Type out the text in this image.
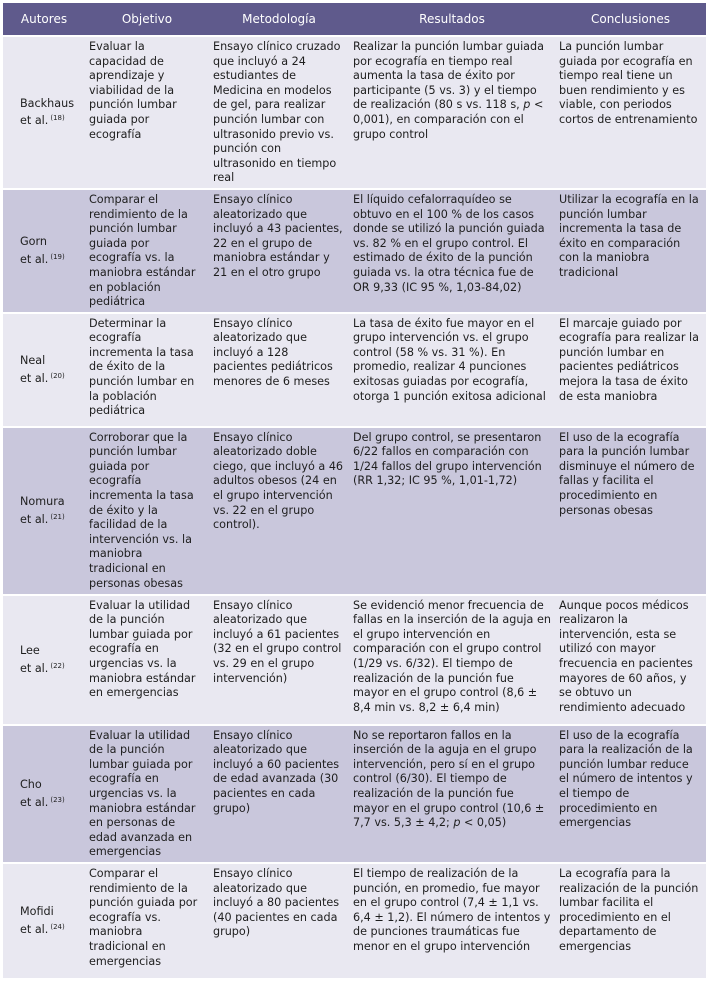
Autores	Objetivo	Metodología	Resultados	Conclusiones

Backhaus
et al. $^{(18)}$	Evaluar la capacidad de aprendizaje y viabilidad de la punción lumbar guiada por ecografía	Ensayo clínico cruzado que incluyó a 24 estudiantes de Medicina en modelos de gel, para realizar punción lumbar con ultrasonido previo vs. punción con ultrasonido en tiempo real	Realizar la punción lumbar guiada por ecografía en tiempo real aumenta la tasa de éxito por participante (5 vs. 3) y el tiempo de realización (80 s vs. 118 s, p < 0,001), en comparación con el grupo control	La punción lumbar guiada por ecografía en tiempo real tiene un buen rendimiento y es viable, con periodos cortos de entrenamiento

Gorn
et al. $^{(19)}$	Comparar el rendimiento de la punción lumbar guiada por ecografía vs. la maniobra estándar en población pediátrica	Ensayo clínico aleatorizado que incluyó a 43 pacientes, 22 en el grupo de maniobra estándar y 21 en el otro grupo	El líquido cefalorraquídeo se obtuvo en el 100 % de los casos donde se utilizó la punción guiada vs. 82 % en el grupo control. El estimado de éxito de la punción guiada vs. la otra técnica fue de OR 9,33 (IC 95 %, 1,03-84,02)	Utilizar la ecografía en la punción lumbar incrementa la tasa de éxito en comparación con la maniobra tradicional

Neal
et al. $^{(20)}$	Determinar la ecografía incrementa la tasa de éxito de la punción lumbar en la población pediátrica	Ensayo clínico aleatorizado que incluyó a 128 pacientes pediátricos menores de 6 meses	La tasa de éxito fue mayor en el grupo intervención vs. el grupo control (58 % vs. 31 %). En promedio, realizar 4 punciones exitosas guiadas por ecografía, otorga 1 punción exitosa adicional	El marcaje guiado por ecografía para realizar la punción lumbar en pacientes pediátricos mejora la tasa de éxito de esta maniobra

Nomura
et al. $^{(21)}$	Corroborar que la punción lumbar guiada por ecografía incrementa la tasa de éxito y la facilidad de la intervención vs. la maniobra tradicional en personas obesas	Ensayo clínico aleatorizado doble ciego, que incluyó a 46 adultos obesos (24 en el grupo intervención vs. 22 en el grupo control).	Del grupo control, se presentaron 6/22 fallos en comparación con 1/24 fallos del grupo intervención (RR 1,32; IC 95 %, 1,01-1,72)	El uso de la ecografía para la punción lumbar disminuye el número de fallas y facilita el procedimiento en personas obesas

Lee
et al. $^{(22)}$	Evaluar la utilidad de la punción lumbar guiada por ecografía en urgencias vs. la maniobra estándar en emergencias	Ensayo clínico aleatorizado que incluyó a 61 pacientes (32 en el grupo control vs. 29 en el grupo intervención)	Se evidenció menor frecuencia de fallas en la inserción de la aguja en el grupo intervención en comparación con el grupo control (1/29 vs. 6/32). El tiempo de realización de la punción fue mayor en el grupo control (8,6 ± 8,4 min vs. 8,2 ± 6,4 min)	Aunque pocos médicos realizaron la intervención, esta se utilizó con mayor frecuencia en pacientes mayores de 60 años, y se obtuvo un rendimiento adecuado

Cho
et al. $^{(23)}$	Evaluar la utilidad de la punción lumbar guiada por ecografía en urgencias vs. la maniobra estándar en personas de edad avanzada en emergencias	Ensayo clínico aleatorizado que incluyó a 60 pacientes de edad avanzada (30 pacientes en cada grupo)	No se reportaron fallos en la inserción de la aguja en el grupo intervención, pero sí en el grupo control (6/30). El tiempo de realización de la punción fue mayor en el grupo control (10,6 ± 7,7 vs. 5,3 ± 4,2; p < 0,05)	El uso de la ecografía para la realización de la punción lumbar reduce el número de intentos y el tiempo de procedimiento en emergencias

Mofidi
et al. $^{(24)}$	Comparar el rendimiento de la punción guiada por ecografía vs. maniobra tradicional en emergencias	Ensayo clínico aleatorizado que incluyó a 80 pacientes (40 pacientes en cada grupo)	El tiempo de realización de la punción, en promedio, fue mayor en el grupo control (7,4 ± 1,1 vs. 6,4 ± 1,2). El número de intentos y de punciones traumáticas fue menor en el grupo intervención	La ecografía para la realización de la punción lumbar facilita el procedimiento en el departamento de emergencias
